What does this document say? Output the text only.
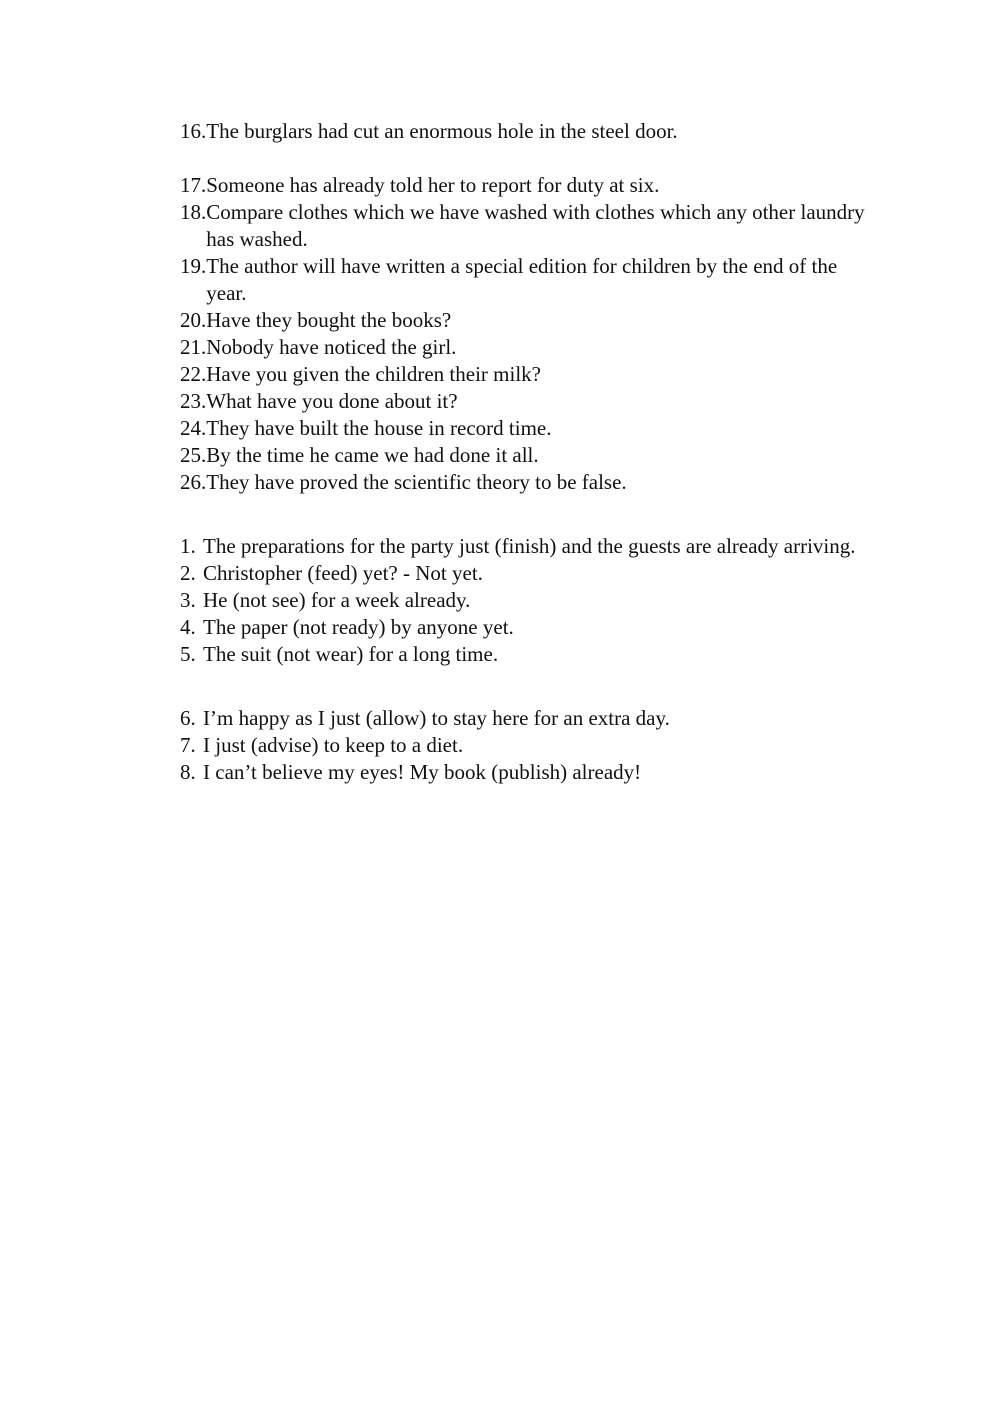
16. The burglars had cut an enormous hole in the steel door.
17. Someone has already told her to report for duty at six.
18. Compare clothes which we have washed with clothes which any other laundry has washed.
19. The author will have written a special edition for children by the end of the year.
20. Have they bought the books?
21. Nobody have noticed the girl.
22. Have you given the children their milk?
23. What have you done about it?
24. They have built the house in record time.
25. By the time he came we had done it all.
26. They have proved the scientific theory to be false.
1. The preparations for the party just (finish) and the guests are already arriving.
2. Christopher (feed) yet? - Not yet.
3. He (not see) for a week already.
4. The paper (not ready) by anyone yet.
5. The suit (not wear) for a long time.
6. I’m happy as I just (allow) to stay here for an extra day.
7. I just (advise) to keep to a diet.
8. I can’t believe my eyes! My book (publish) already!
